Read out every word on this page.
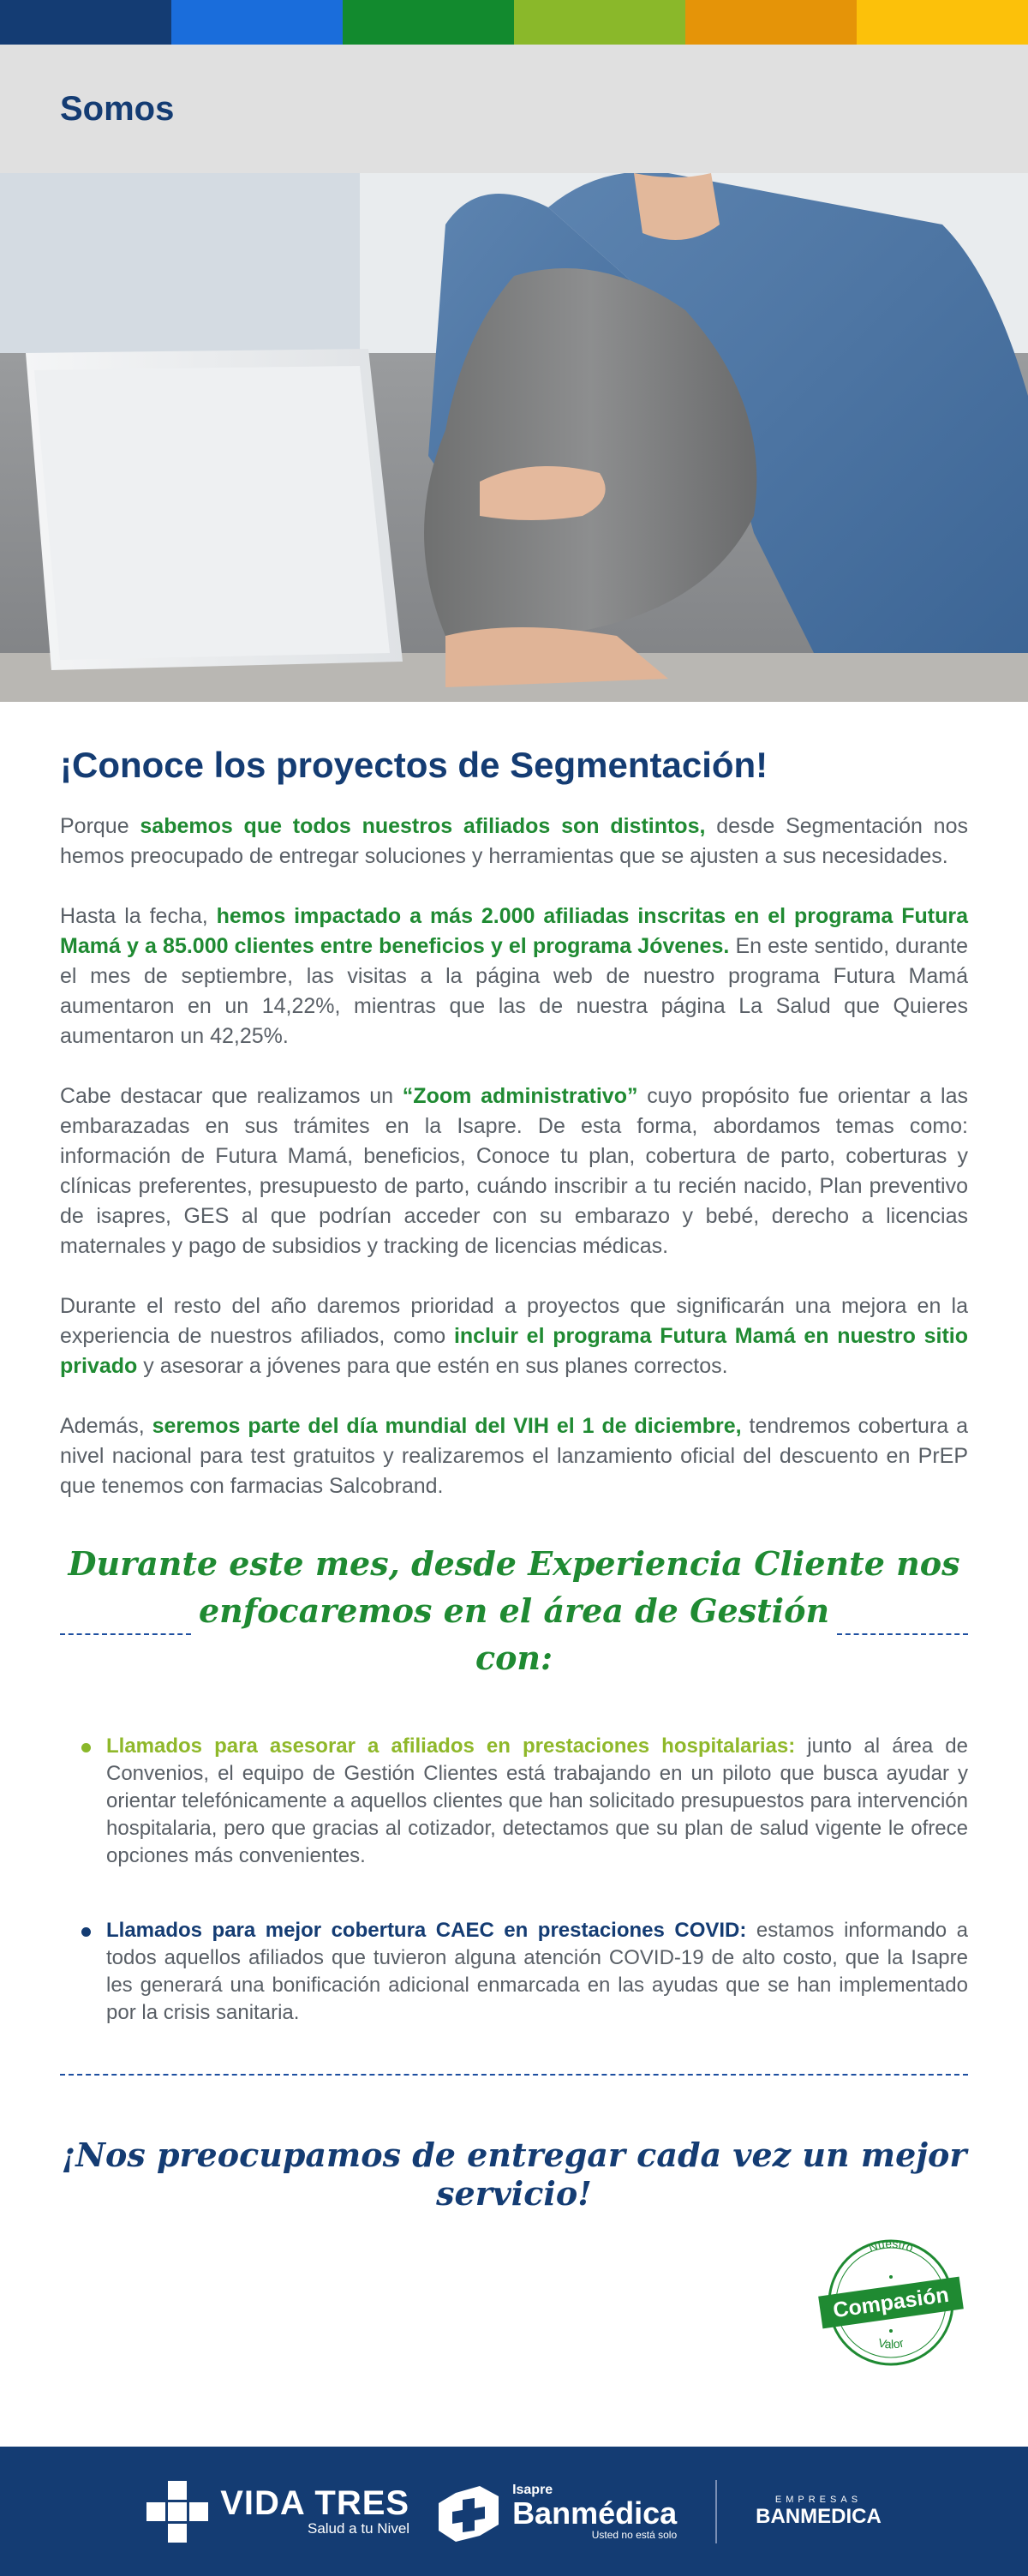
Somos
¡Conoce los proyectos de Segmentación!

Porque sabemos que todos nuestros afiliados son distintos, desde Segmentación nos hemos preocupado de entregar soluciones y herramientas que se ajusten a sus necesidades.

Hasta la fecha, hemos impactado a más 2.000 afiliadas inscritas en el programa Futura Mamá y a 85.000 clientes entre beneficios y el programa Jóvenes. En este sentido, durante el mes de septiembre, las visitas a la página web de nuestro programa Futura Mamá aumentaron en un 14,22%, mientras que las de nuestra página La Salud que Quieres aumentaron un 42,25%.

Cabe destacar que realizamos un “Zoom administrativo” cuyo propósito fue orientar a las embarazadas en sus trámites en la Isapre. De esta forma, abordamos temas como: información de Futura Mamá, beneficios, Conoce tu plan, cobertura de parto, coberturas y clínicas preferentes, presupuesto de parto, cuándo inscribir a tu recién nacido, Plan preventivo de isapres, GES al que podrían acceder con su embarazo y bebé, derecho a licencias maternales y pago de subsidios y tracking de licencias médicas.

Durante el resto del año daremos prioridad a proyectos que significarán una mejora en la experiencia de nuestros afiliados, como incluir el programa Futura Mamá en nuestro sitio privado y asesorar a jóvenes para que estén en sus planes correctos.

Además, seremos parte del día mundial del VIH el 1 de diciembre, tendremos cobertura a nivel nacional para test gratuitos y realizaremos el lanzamiento oficial del descuento en PrEP que tenemos con farmacias Salcobrand.

Durante este mes, desde Experiencia Cliente nos
enfocaremos en el área de Gestión con:

Llamados para asesorar a afiliados en prestaciones hospitalarias: junto al área de Convenios, el equipo de Gestión Clientes está trabajando en un piloto que busca ayudar y orientar telefónicamente a aquellos clientes que han solicitado presupuestos para intervención hospitalaria, pero que gracias al cotizador, detectamos que su plan de salud vigente le ofrece opciones más convenientes.

Llamados para mejor cobertura CAEC en prestaciones COVID: estamos informando a todos aquellos afiliados que tuvieron alguna atención COVID-19 de alto costo, que la Isapre les generará una bonificación adicional enmarcada en las ayudas que se han implementado por la crisis sanitaria.

¡Nos preocupamos de entregar cada vez un mejor servicio!
Nuestro
Valor
Compasión
VIDA TRES
Salud a tu Nivel
Isapre
Banmédica
Usted no está solo
EMPRESAS
BANMEDICA
